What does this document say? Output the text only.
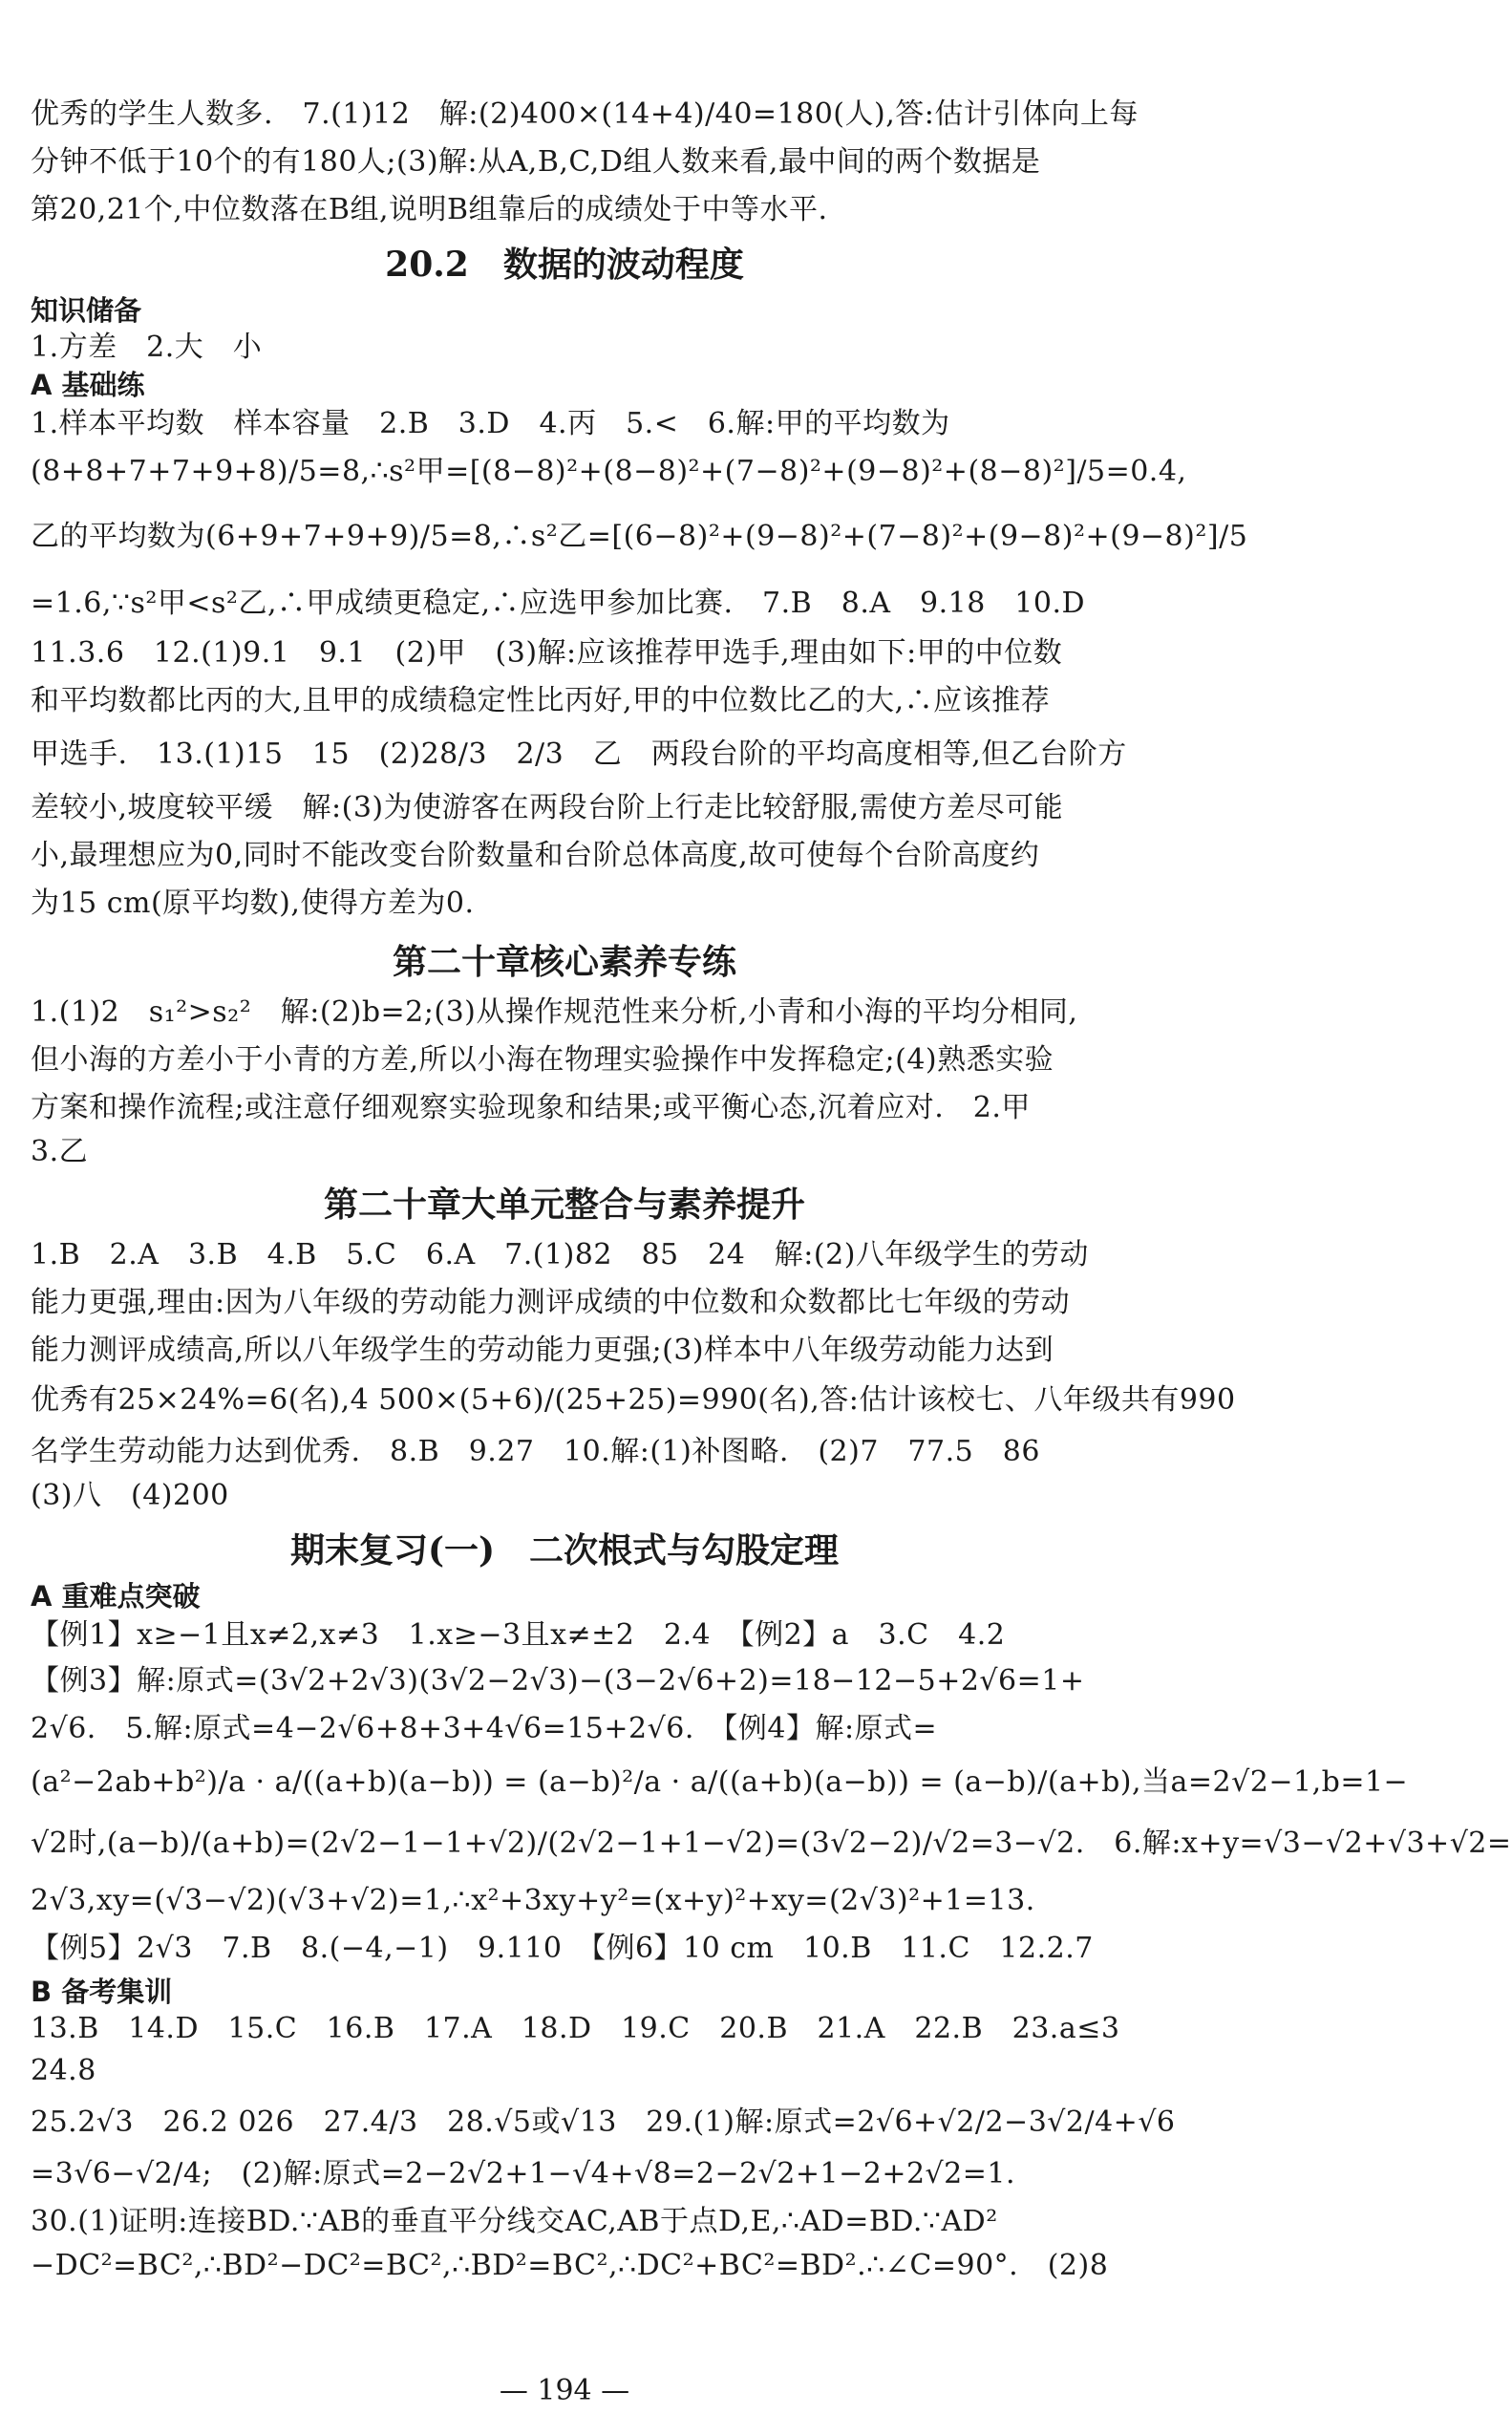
优秀的学生人数多.　7.(1)12　解:(2)400×(14+4)/40=180(人),答:估计引体向上每
分钟不低于10个的有180人;(3)解:从A,B,C,D组人数来看,最中间的两个数据是
第20,21个,中位数落在B组,说明B组靠后的成绩处于中等水平.
20.2　数据的波动程度
知识储备
1.方差　2.大　小
A 基础练
1.样本平均数　样本容量　2.B　3.D　4.丙　5.<　6.解:甲的平均数为
(8+8+7+7+9+8)/5=8,∴s²甲=[(8−8)²+(8−8)²+(7−8)²+(9−8)²+(8−8)²]/5=0.4,
乙的平均数为(6+9+7+9+9)/5=8,∴s²乙=[(6−8)²+(9−8)²+(7−8)²+(9−8)²+(9−8)²]/5
=1.6,∵s²甲<s²乙,∴甲成绩更稳定,∴应选甲参加比赛.　7.B　8.A　9.18　10.D
11.3.6　12.(1)9.1　9.1　(2)甲　(3)解:应该推荐甲选手,理由如下:甲的中位数
和平均数都比丙的大,且甲的成绩稳定性比丙好,甲的中位数比乙的大,∴应该推荐
甲选手.　13.(1)15　15　(2)28/3　2/3　乙　两段台阶的平均高度相等,但乙台阶方
差较小,坡度较平缓　解:(3)为使游客在两段台阶上行走比较舒服,需使方差尽可能
小,最理想应为0,同时不能改变台阶数量和台阶总体高度,故可使每个台阶高度约
为15 cm(原平均数),使得方差为0.
第二十章核心素养专练
1.(1)2　s₁²>s₂²　解:(2)b=2;(3)从操作规范性来分析,小青和小海的平均分相同,
但小海的方差小于小青的方差,所以小海在物理实验操作中发挥稳定;(4)熟悉实验
方案和操作流程;或注意仔细观察实验现象和结果;或平衡心态,沉着应对.　2.甲
3.乙
第二十章大单元整合与素养提升
1.B　2.A　3.B　4.B　5.C　6.A　7.(1)82　85　24　解:(2)八年级学生的劳动
能力更强,理由:因为八年级的劳动能力测评成绩的中位数和众数都比七年级的劳动
能力测评成绩高,所以八年级学生的劳动能力更强;(3)样本中八年级劳动能力达到
优秀有25×24%=6(名),4 500×(5+6)/(25+25)=990(名),答:估计该校七、八年级共有990
名学生劳动能力达到优秀.　8.B　9.27　10.解:(1)补图略.　(2)7　77.5　86
(3)八　(4)200
期末复习(一)　二次根式与勾股定理
A 重难点突破
【例1】x≥−1且x≠2,x≠3　1.x≥−3且x≠±2　2.4　【例2】a　3.C　4.2
【例3】解:原式=(3√2+2√3)(3√2−2√3)−(3−2√6+2)=18−12−5+2√6=1+
2√6.　5.解:原式=4−2√6+8+3+4√6=15+2√6.　【例4】解:原式=
(a²−2ab+b²)/a · a/((a+b)(a−b)) = (a−b)²/a · a/((a+b)(a−b)) = (a−b)/(a+b),当a=2√2−1,b=1−
√2时,(a−b)/(a+b)=(2√2−1−1+√2)/(2√2−1+1−√2)=(3√2−2)/√2=3−√2.　6.解:x+y=√3−√2+√3+√2=
2√3,xy=(√3−√2)(√3+√2)=1,∴x²+3xy+y²=(x+y)²+xy=(2√3)²+1=13.
【例5】2√3　7.B　8.(−4,−1)　9.110　【例6】10 cm　10.B　11.C　12.2.7
B 备考集训
13.B　14.D　15.C　16.B　17.A　18.D　19.C　20.B　21.A　22.B　23.a≤3
24.8
25.2√3　26.2 026　27.4/3　28.√5或√13　29.(1)解:原式=2√6+√2/2−3√2/4+√6
=3√6−√2/4;　(2)解:原式=2−2√2+1−√4+√8=2−2√2+1−2+2√2=1.
30.(1)证明:连接BD.∵AB的垂直平分线交AC,AB于点D,E,∴AD=BD.∵AD²
−DC²=BC²,∴BD²−DC²=BC²,∴BD²=BC²,∴DC²+BC²=BD².∴∠C=90°.　(2)8
— 194 —
